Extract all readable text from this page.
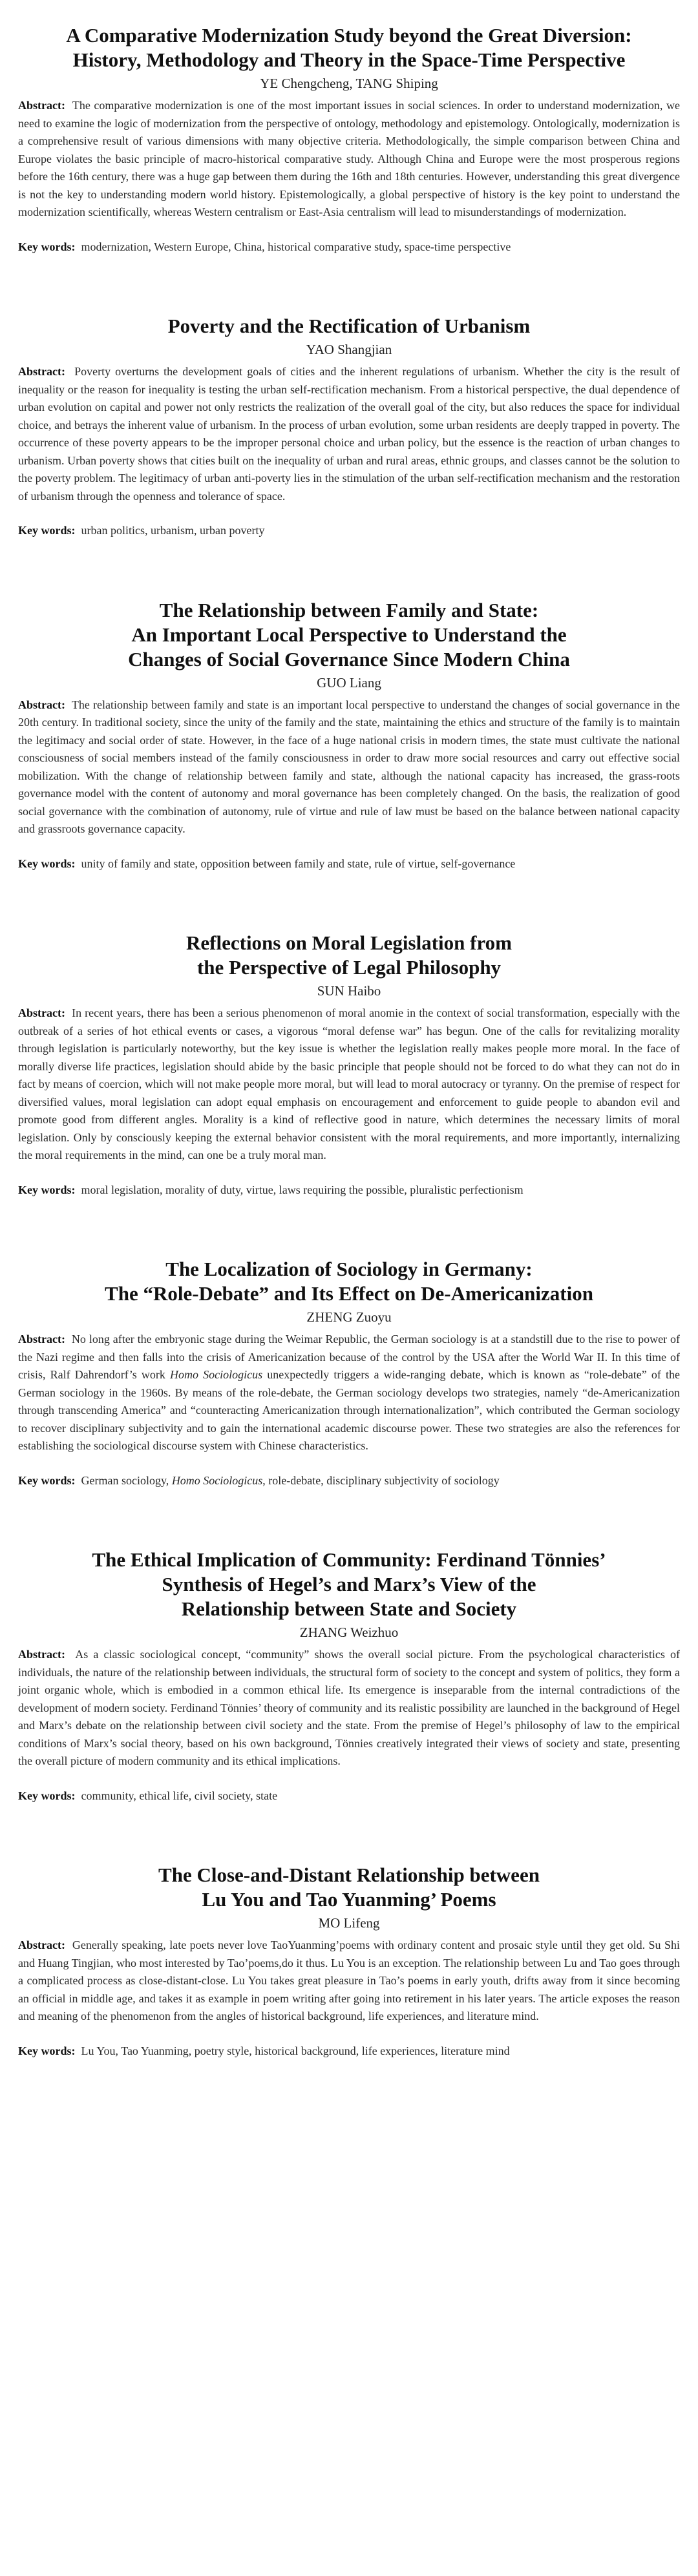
A Comparative Modernization Study beyond the Great Diversion:
History, Methodology and Theory in the Space-Time Perspective
YE Chengcheng, TANG Shiping

Abstract: The comparative modernization is one of the most important issues in social sciences. In order to understand modernization, we need to examine the logic of modernization from the perspective of ontology, methodology and epistemology. Ontologically, modernization is a comprehensive result of various dimensions with many objective criteria. Methodologically, the simple comparison between China and Europe violates the basic principle of macro-historical comparative study. Although China and Europe were the most prosperous regions before the 16th century, there was a huge gap between them during the 16th and 18th centuries. However, understanding this great divergence is not the key to understanding modern world history. Epistemologically, a global perspective of history is the key point to understand the modernization scientifically, whereas Western centralism or East-Asia centralism will lead to misunderstandings of modernization.

Key words: modernization, Western Europe, China, historical comparative study, space-time perspective

Poverty and the Rectification of Urbanism
YAO Shangjian

Abstract: Poverty overturns the development goals of cities and the inherent regulations of urbanism. Whether the city is the result of inequality or the reason for inequality is testing the urban self-rectification mechanism. From a historical perspective, the dual dependence of urban evolution on capital and power not only restricts the realization of the overall goal of the city, but also reduces the space for individual choice, and betrays the inherent value of urbanism. In the process of urban evolution, some urban residents are deeply trapped in poverty. The occurrence of these poverty appears to be the improper personal choice and urban policy, but the essence is the reaction of urban changes to urbanism. Urban poverty shows that cities built on the inequality of urban and rural areas, ethnic groups, and classes cannot be the solution to the poverty problem. The legitimacy of urban anti-poverty lies in the stimulation of the urban self-rectification mechanism and the restoration of urbanism through the openness and tolerance of space.

Key words: urban politics, urbanism, urban poverty

The Relationship between Family and State:
An Important Local Perspective to Understand the
Changes of Social Governance Since Modern China
GUO Liang

Abstract: The relationship between family and state is an important local perspective to understand the changes of social governance in the 20th century. In traditional society, since the unity of the family and the state, maintaining the ethics and structure of the family is to maintain the legitimacy and social order of state. However, in the face of a huge national crisis in modern times, the state must cultivate the national consciousness of social members instead of the family consciousness in order to draw more social resources and carry out effective social mobilization. With the change of relationship between family and state, although the national capacity has increased, the grass-roots governance model with the content of autonomy and moral governance has been completely changed. On the basis, the realization of good social governance with the combination of autonomy, rule of virtue and rule of law must be based on the balance between national capacity and grassroots governance capacity.

Key words: unity of family and state, opposition between family and state, rule of virtue, self-governance

Reflections on Moral Legislation from
the Perspective of Legal Philosophy
SUN Haibo

Abstract: In recent years, there has been a serious phenomenon of moral anomie in the context of social transformation, especially with the outbreak of a series of hot ethical events or cases, a vigorous “moral defense war” has begun. One of the calls for revitalizing morality through legislation is particularly noteworthy, but the key issue is whether the legislation really makes people more moral. In the face of morally diverse life practices, legislation should abide by the basic principle that people should not be forced to do what they can not do in fact by means of coercion, which will not make people more moral, but will lead to moral autocracy or tyranny. On the premise of respect for diversified values, moral legislation can adopt equal emphasis on encouragement and enforcement to guide people to abandon evil and promote good from different angles. Morality is a kind of reflective good in nature, which determines the necessary limits of moral legislation. Only by consciously keeping the external behavior consistent with the moral requirements, and more importantly, internalizing the moral requirements in the mind, can one be a truly moral man.

Key words: moral legislation, morality of duty, virtue, laws requiring the possible, pluralistic perfectionism

The Localization of Sociology in Germany:
The “Role-Debate” and Its Effect on De-Americanization
ZHENG Zuoyu

Abstract: No long after the embryonic stage during the Weimar Republic, the German sociology is at a standstill due to the rise to power of the Nazi regime and then falls into the crisis of Americanization because of the control by the USA after the World War II. In this time of crisis, Ralf Dahrendorf’s work Homo Sociologicus unexpectedly triggers a wide-ranging debate, which is known as “role-debate” of the German sociology in the 1960s. By means of the role-debate, the German sociology develops two strategies, namely “de-Americanization through transcending America” and “counteracting Americanization through internationalization”, which contributed the German sociology to recover disciplinary subjectivity and to gain the international academic discourse power. These two strategies are also the references for establishing the sociological discourse system with Chinese characteristics.

Key words: German sociology, Homo Sociologicus, role-debate, disciplinary subjectivity of sociology

The Ethical Implication of Community: Ferdinand Tönnies’
Synthesis of Hegel’s and Marx’s View of the
Relationship between State and Society
ZHANG Weizhuo

Abstract: As a classic sociological concept, “community” shows the overall social picture. From the psychological characteristics of individuals, the nature of the relationship between individuals, the structural form of society to the concept and system of politics, they form a joint organic whole, which is embodied in a common ethical life. Its emergence is inseparable from the internal contradictions of the development of modern society. Ferdinand Tönnies’ theory of community and its realistic possibility are launched in the background of Hegel and Marx’s debate on the relationship between civil society and the state. From the premise of Hegel’s philosophy of law to the empirical conditions of Marx’s social theory, based on his own background, Tönnies creatively integrated their views of society and state, presenting the overall picture of modern community and its ethical implications.

Key words: community, ethical life, civil society, state

The Close-and-Distant Relationship between
Lu You and Tao Yuanming’ Poems
MO Lifeng

Abstract: Generally speaking, late poets never love TaoYuanming’poems with ordinary content and prosaic style until they get old. Su Shi and Huang Tingjian, who most interested by Tao’poems,do it thus. Lu You is an exception. The relationship between Lu and Tao goes through a complicated process as close-distant-close. Lu You takes great pleasure in Tao’s poems in early youth, drifts away from it since becoming an official in middle age, and takes it as example in poem writing after going into retirement in his later years. The article exposes the reason and meaning of the phenomenon from the angles of historical background, life experiences, and literature mind.

Key words: Lu You, Tao Yuanming, poetry style, historical background, life experiences, literature mind
